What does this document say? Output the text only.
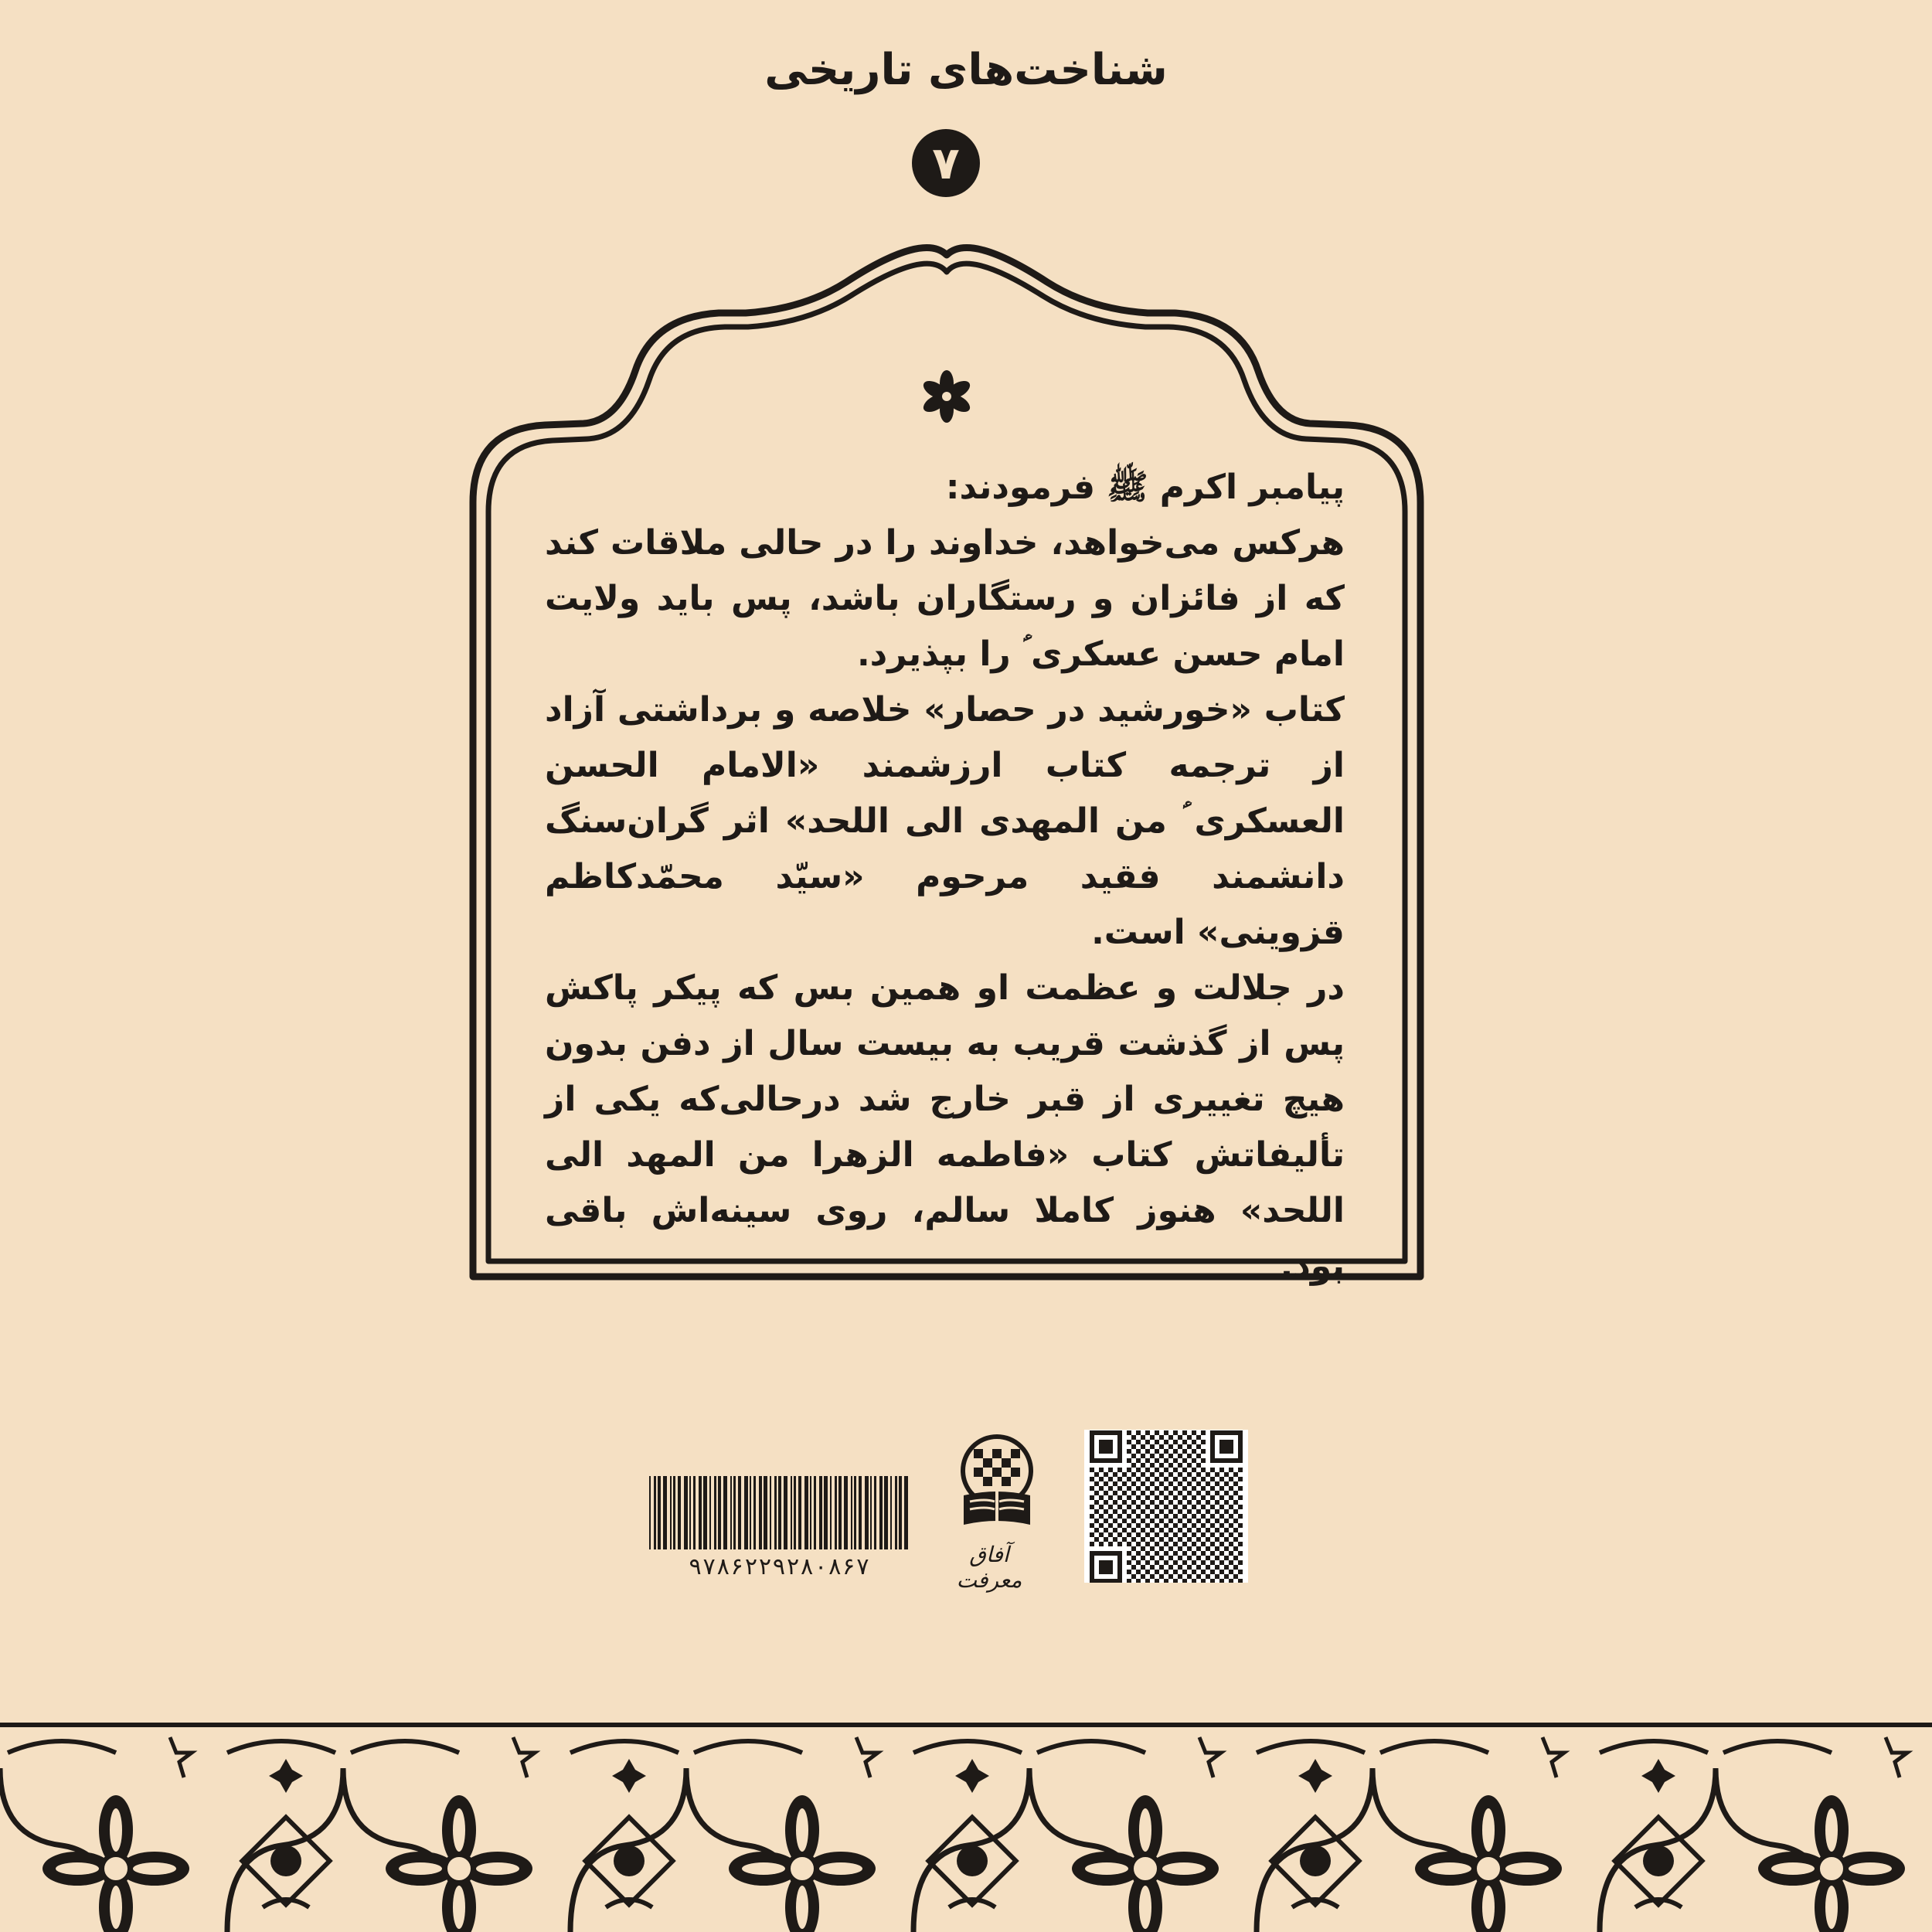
شناخت‌های تاریخی
۷

پیامبر اکرم ﷺ فرمودند:

هرکس می‌خواهد، خداوند را در حالی ملاقات کند که از فائزان و رستگاران باشد، پس باید ولایت امام حسن عسکری ؑ را بپذیرد.

کتاب «خورشید در حصار» خلاصه و برداشتی آزاد از ترجمه کتاب ارزشمند «الامام الحسن العسکری ؑ من المهدی الی اللحد» اثر گران‌سنگ دانشمند فقید مرحوم «سیّد محمّدکاظم قزوینی» است.

در جلالت و عظمت او همین بس که پیکر پاکش پس از گذشت قریب به بیست سال از دفن بدون هیچ تغییری از قبر خارج شد درحالی‌که یکی از تألیفاتش کتاب «فاطمه الزهرا من المهد الی اللحد» هنوز کاملا سالم، روی سینه‌اش باقی بود.

۹۷۸۶۲۲۹۲۸۰۸۶۷	آفاق معرفت
